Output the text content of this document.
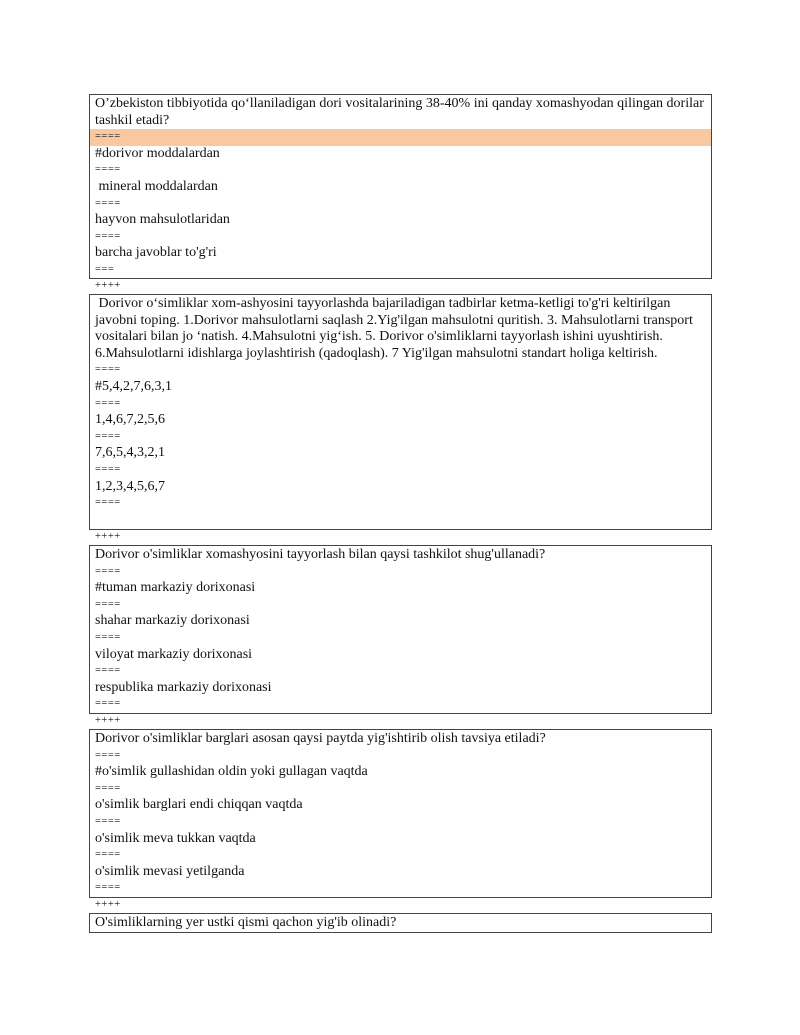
O’zbekiston tibbiyotida qo‘llaniladigan dori vositalarining 38-40% ini qanday xomashyodan qilingan dorilar tashkil etadi?
====
#dorivor moddalardan
====
mineral moddalardan
====
hayvon mahsulotlaridan
====
barcha javoblar to'g'ri
===
++++
Dorivor o‘simliklar xom-ashyosini tayyorlashda bajariladigan tadbirlar ketma-ketligi to'g'ri keltirilgan javobni toping. 1.Dorivor mahsulotlarni saqlash 2.Yig'ilgan mahsulotni quritish. 3. Mahsulotlarni transport vositalari bilan jo ‘natish. 4.Mahsulotni yig‘ish. 5. Dorivor o'simliklarni tayyorlash ishini uyushtirish. 6.Mahsulotlarni idishlarga joylashtirish (qadoqlash). 7 Yig'ilgan mahsulotni standart holiga keltirish.
====
#5,4,2,7,6,3,1
====
1,4,6,7,2,5,6
====
7,6,5,4,3,2,1
====
1,2,3,4,5,6,7
====
++++
Dorivor o'simliklar xomashyosini tayyorlash bilan qaysi tashkilot shug'ullanadi?
====
#tuman markaziy dorixonasi
====
shahar markaziy dorixonasi
====
viloyat markaziy dorixonasi
====
respublika markaziy dorixonasi
====
++++
Dorivor o'simliklar barglari asosan qaysi paytda yig'ishtirib olish tavsiya etiladi?
====
#o'simlik gullashidan oldin yoki gullagan vaqtda
====
o'simlik barglari endi chiqqan vaqtda
====
o'simlik meva tukkan vaqtda
====
o'simlik mevasi yetilganda
====
++++
O'simliklarning yer ustki qismi qachon yig'ib olinadi?
